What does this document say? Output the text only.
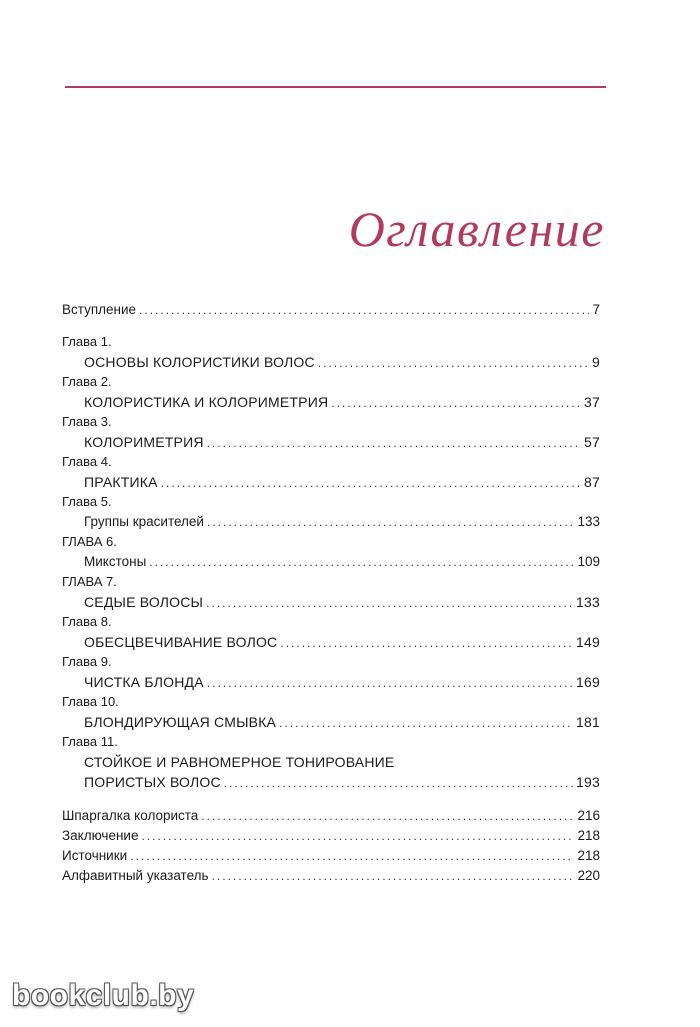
Оглавление
Вступление .....	7
Глава 1.
ОСНОВЫ КОЛОРИСТИКИ ВОЛОС .....	9
Глава 2.
КОЛОРИСТИКА И КОЛОРИМЕТРИЯ .....	37
Глава 3.
КОЛОРИМЕТРИЯ .....	57
Глава 4.
ПРАКТИКА .....	87
Глава 5.
Группы красителей .....	133
ГЛАВА 6.
Микстоны .....	109
ГЛАВА 7.
СЕДЫЕ ВОЛОСЫ .....	133
Глава 8.
ОБЕСЦВЕЧИВАНИЕ ВОЛОС .....	149
Глава 9.
ЧИСТКА БЛОНДА .....	169
Глава 10.
БЛОНДИРУЮЩАЯ СМЫВКА .....	181
Глава 11.
СТОЙКОЕ И РАВНОМЕРНОЕ ТОНИРОВАНИЕ
ПОРИСТЫХ ВОЛОС .....	193
Шпаргалка колориста .....	216
Заключение .....	218
Источники .....	218
Алфавитный указатель .....	220
bookclub.by
